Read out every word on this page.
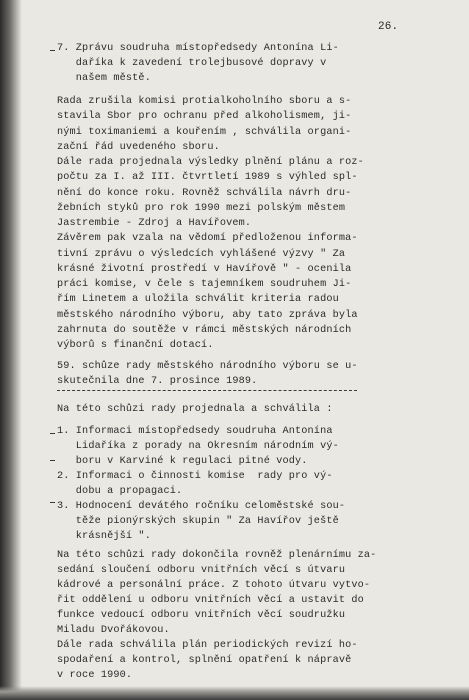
26.
7. Zprávu soudruha místopředsedy Antonína Li-
daříka k zavedení trolejbusové dopravy v
našem městě.
Rada zrušila komisi protialkoholního sboru a s-
stavila Sbor pro ochranu před alkoholismem, ji-
nými toximaniemi a kouřením , schválila organi-
zační řád uvedeného sboru.
Dále rada projednala výsledky plnění plánu a roz-
počtu za I. až III. čtvrtletí 1989 s výhled spl-
nění do konce roku. Rovněž schválila návrh dru-
žebních styků pro rok 1990 mezi polským městem
Jastrembie - Zdroj a Havířovem.
Závěrem pak vzala na vědomí předloženou informa-
tivní zprávu o výsledcích vyhlášené výzvy " Za
krásné životní prostředí v Havířově " - ocenila
práci komise, v čele s tajemníkem soudruhem Ji-
řím Linetem a uložila schválit kriteria radou
městského národního výboru, aby tato zpráva byla
zahrnuta do soutěže v rámci městských národních
výborů s finanční dotací.
59. schůze rady městského národního výboru se u-
skutečnila dne 7. prosince 1989.
Na této schůzi rady projednala a schválila :
1. Informaci místopředsedy soudruha Antonína
Lidaříka z porady na Okresním národním vý-
boru v Karviné k regulaci pitné vody.
2. Informaci o činnosti komise  rady pro vý-
dobu a propagaci.
3. Hodnocení devátého ročníku celoměstské sou-
těže pionýrských skupin " Za Havířov ještě
krásnější ".
Na této schůzi rady dokončila rovněž plenárnímu za-
sedání sloučení odboru vnitřních věcí s útvaru
kádrové a personální práce. Z tohoto útvaru vytvo-
řit oddělení u odboru vnitřních věcí a ustavit do
funkce vedoucí odboru vnitřních věcí soudružku
Miladu Dvořákovou.
Dále rada schválila plán periodických revizí ho-
spodaření a kontrol, splnění opatření k nápravě
v roce 1990.
